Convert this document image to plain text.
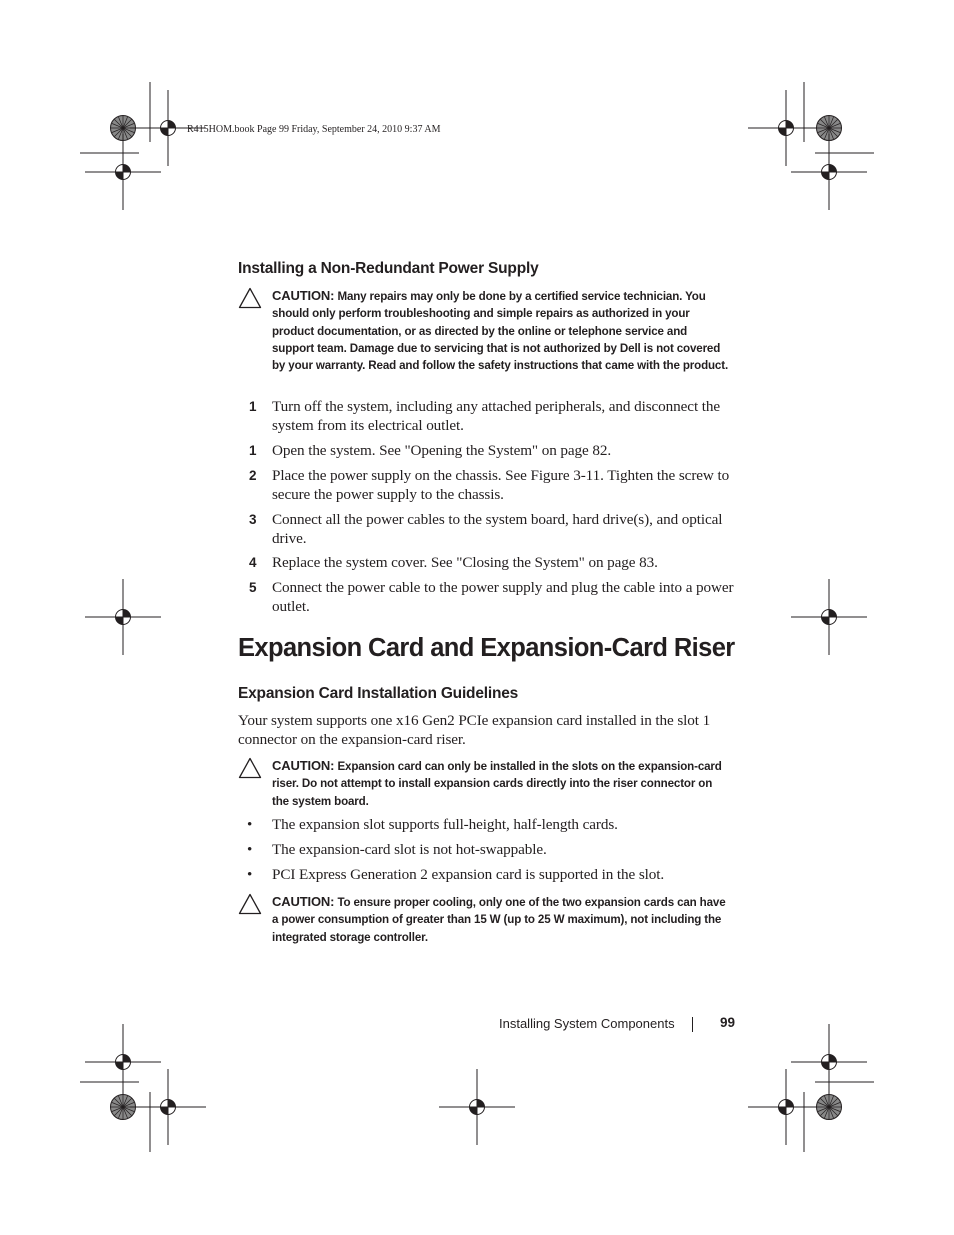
R415HOM.book Page 99 Friday, September 24, 2010 9:37 AM
Installing a Non-Redundant Power Supply
CAUTION: Many repairs may only be done by a certified service technician. You should only perform troubleshooting and simple repairs as authorized in your product documentation, or as directed by the online or telephone service and support team. Damage due to servicing that is not authorized by Dell is not covered by your warranty. Read and follow the safety instructions that came with the product.
1 Turn off the system, including any attached peripherals, and disconnect the system from its electrical outlet.
1 Open the system. See "Opening the System" on page 82.
2 Place the power supply on the chassis. See Figure 3-11. Tighten the screw to secure the power supply to the chassis.
3 Connect all the power cables to the system board, hard drive(s), and optical drive.
4 Replace the system cover. See "Closing the System" on page 83.
5 Connect the power cable to the power supply and plug the cable into a power outlet.
Expansion Card and Expansion-Card Riser
Expansion Card Installation Guidelines
Your system supports one x16 Gen2 PCIe expansion card installed in the slot 1 connector on the expansion-card riser.
CAUTION: Expansion card can only be installed in the slots on the expansion-card riser. Do not attempt to install expansion cards directly into the riser connector on the system board.
• The expansion slot supports full-height, half-length cards.
• The expansion-card slot is not hot-swappable.
• PCI Express Generation 2 expansion card is supported in the slot.
CAUTION: To ensure proper cooling, only one of the two expansion cards can have a power consumption of greater than 15 W (up to 25 W maximum), not including the integrated storage controller.
Installing System Components	99
